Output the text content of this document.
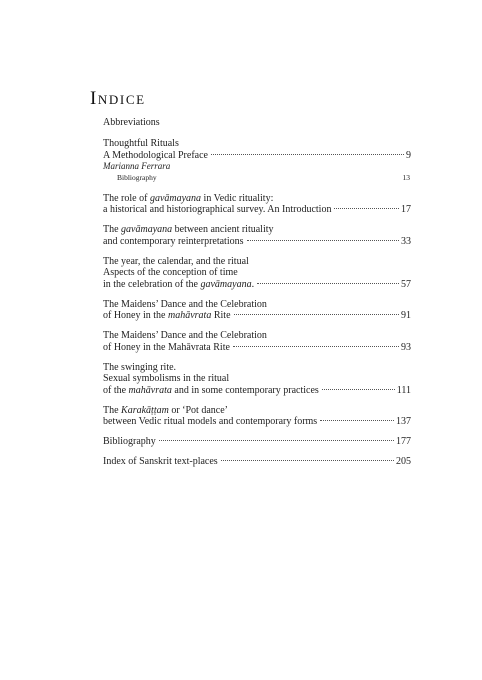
Indice
Abbreviations
Thoughtful Rituals
A Methodological Preface	9
Marianna Ferrara
Bibliography	13
The role of gavāmayana in Vedic rituality:
a historical and historiographical survey. An Introduction	17
The gavāmayana between ancient rituality
and contemporary reinterpretations	33
The year, the calendar, and the ritual
Aspects of the conception of time
in the celebration of the gavāmayana.	57
The Maidens’ Dance and the Celebration
of Honey in the mahāvrata Rite	91
The Maidens’ Dance and the Celebration
of Honey in the Mahāvrata Rite	93
The swinging rite.
Sexual symbolisms in the ritual
of the mahāvrata and in some contemporary practices	111
The Karakāṭṭam or ‘Pot dance’
between Vedic ritual models and contemporary forms	137
Bibliography	177
Index of Sanskrit text-places	205
